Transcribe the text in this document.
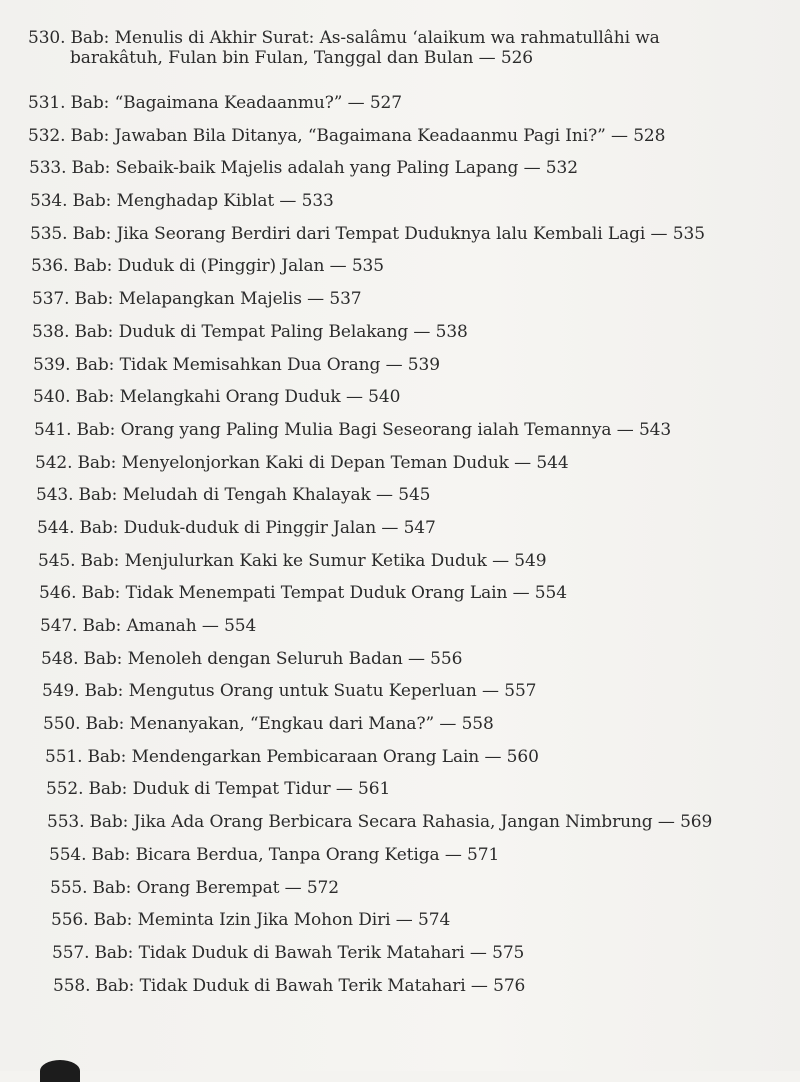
530. Bab: Menulis di Akhir Surat: As-salâmu ‘alaikum wa rahmatullâhi wa
barakâtuh, Fulan bin Fulan, Tanggal dan Bulan — 526
531. Bab: “Bagaimana Keadaanmu?” — 527
532. Bab: Jawaban Bila Ditanya, “Bagaimana Keadaanmu Pagi Ini?” — 528
533. Bab: Sebaik-baik Majelis adalah yang Paling Lapang — 532
534. Bab: Menghadap Kiblat — 533
535. Bab: Jika Seorang Berdiri dari Tempat Duduknya lalu Kembali Lagi — 535
536. Bab: Duduk di (Pinggir) Jalan — 535
537. Bab: Melapangkan Majelis — 537
538. Bab: Duduk di Tempat Paling Belakang — 538
539. Bab: Tidak Memisahkan Dua Orang — 539
540. Bab: Melangkahi Orang Duduk — 540
541. Bab: Orang yang Paling Mulia Bagi Seseorang ialah Temannya — 543
542. Bab: Menyelonjorkan Kaki di Depan Teman Duduk — 544
543. Bab: Meludah di Tengah Khalayak — 545
544. Bab: Duduk-duduk di Pinggir Jalan — 547
545. Bab: Menjulurkan Kaki ke Sumur Ketika Duduk — 549
546. Bab: Tidak Menempati Tempat Duduk Orang Lain — 554
547. Bab: Amanah — 554
548. Bab: Menoleh dengan Seluruh Badan — 556
549. Bab: Mengutus Orang untuk Suatu Keperluan — 557
550. Bab: Menanyakan, “Engkau dari Mana?” — 558
551. Bab: Mendengarkan Pembicaraan Orang Lain — 560
552. Bab: Duduk di Tempat Tidur — 561
553. Bab: Jika Ada Orang Berbicara Secara Rahasia, Jangan Nimbrung — 569
554. Bab: Bicara Berdua, Tanpa Orang Ketiga — 571
555. Bab: Orang Berempat — 572
556. Bab: Meminta Izin Jika Mohon Diri — 574
557. Bab: Tidak Duduk di Bawah Terik Matahari — 575
558. Bab: Tidak Duduk di Bawah Terik Matahari — 576
